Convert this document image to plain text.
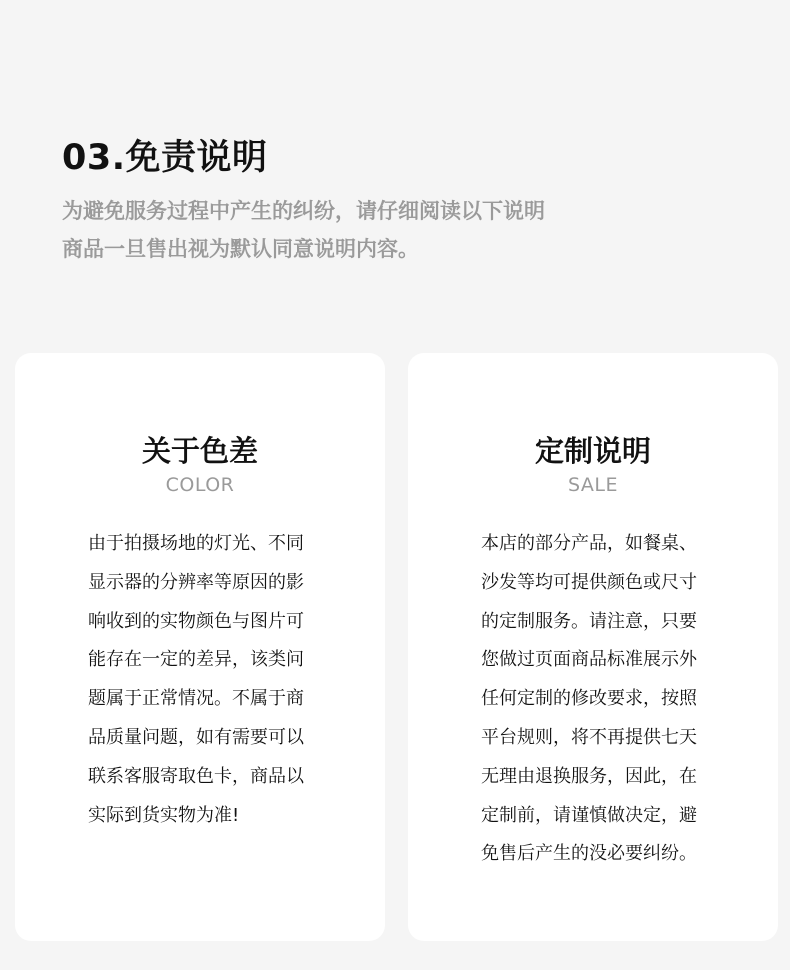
03.免责说明
为避免服务过程中产生的纠纷，请仔细阅读以下说明
商品一旦售出视为默认同意说明内容。
关于色差
COLOR
由于拍摄场地的灯光、不同
显示器的分辨率等原因的影
响收到的实物颜色与图片可
能存在一定的差异，该类问
题属于正常情况。不属于商
品质量问题，如有需要可以
联系客服寄取色卡，商品以
实际到货实物为准!
定制说明
SALE
本店的部分产品，如餐桌、
沙发等均可提供颜色或尺寸
的定制服务。请注意，只要
您做过页面商品标准展示外
任何定制的修改要求，按照
平台规则，将不再提供七天
无理由退换服务，因此，在
定制前，请谨慎做决定，避
免售后产生的没必要纠纷。
